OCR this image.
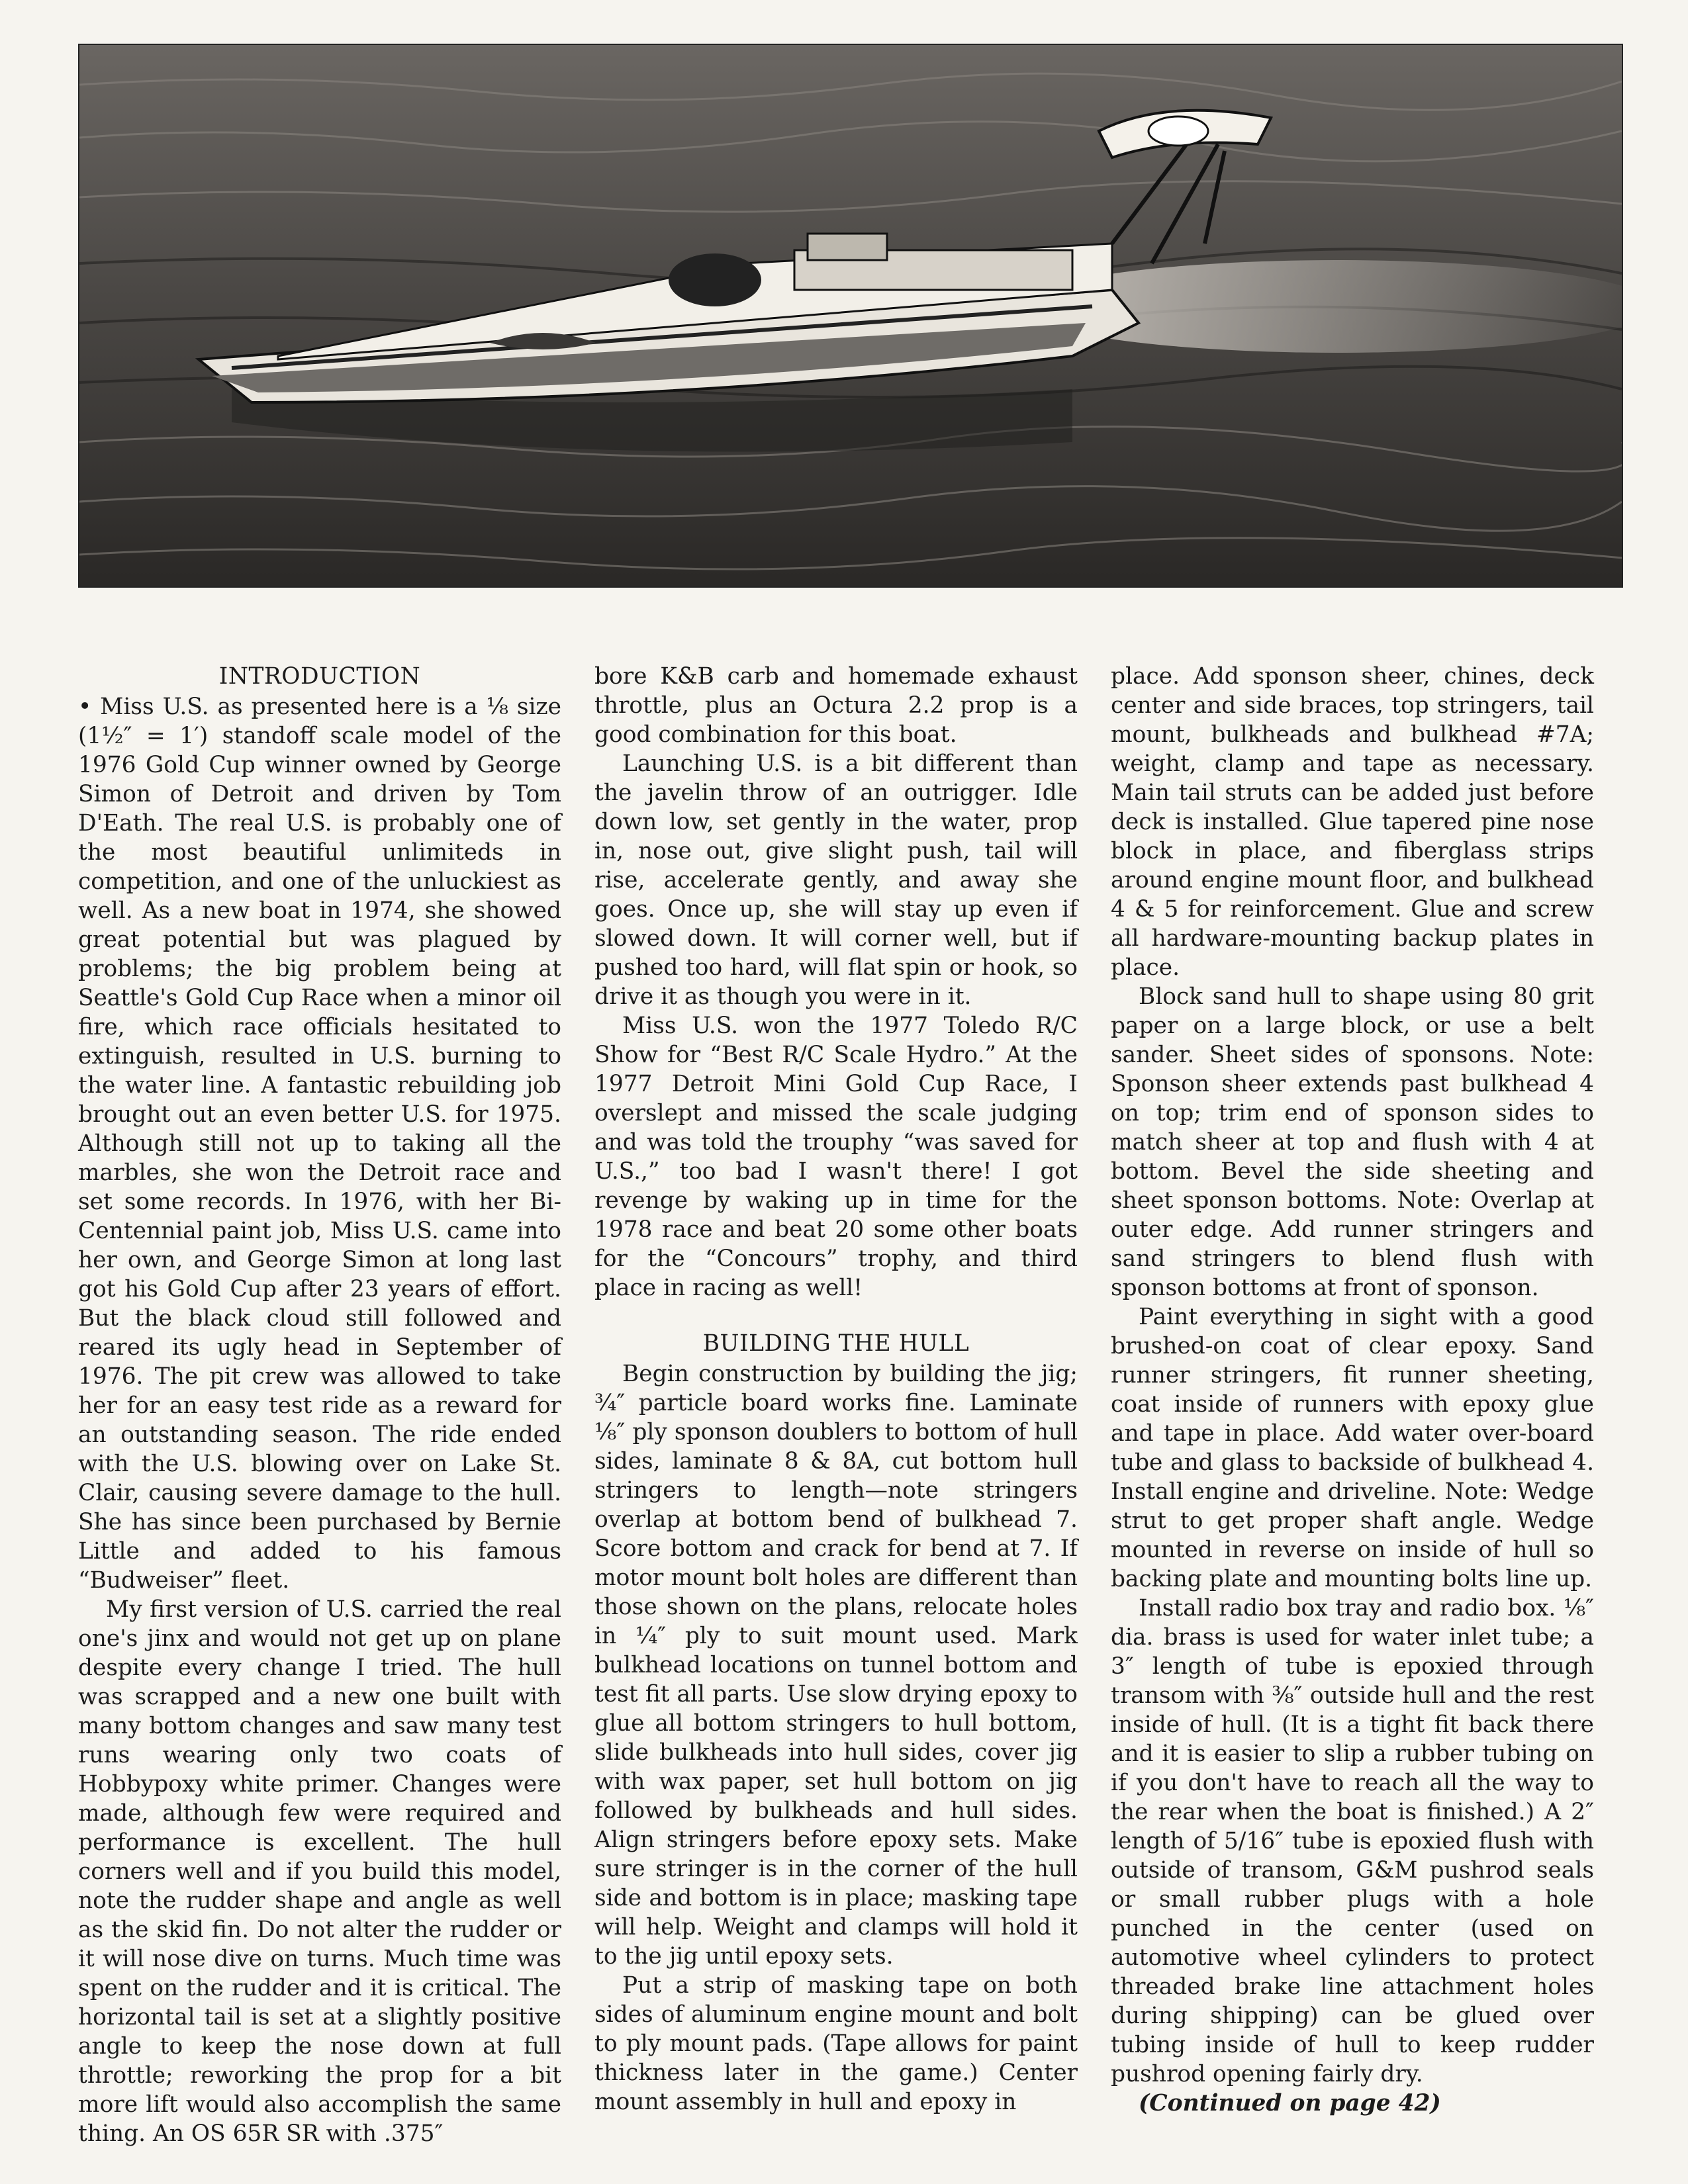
INTRODUCTION

• Miss U.S. as presented here is a ⅛ size (1½″ = 1′) standoff scale model of the 1976 Gold Cup winner owned by George Simon of Detroit and driven by Tom D'Eath. The real U.S. is probably one of the most beautiful unlimiteds in competition, and one of the unluckiest as well. As a new boat in 1974, she showed great potential but was plagued by problems; the big problem being at Seattle's Gold Cup Race when a minor oil fire, which race officials hesitated to extinguish, resulted in U.S. burning to the water line. A fantastic rebuilding job brought out an even better U.S. for 1975. Although still not up to taking all the marbles, she won the Detroit race and set some records. In 1976, with her Bi-Centennial paint job, Miss U.S. came into her own, and George Simon at long last got his Gold Cup after 23 years of effort. But the black cloud still followed and reared its ugly head in September of 1976. The pit crew was allowed to take her for an easy test ride as a reward for an outstanding season. The ride ended with the U.S. blowing over on Lake St. Clair, causing severe damage to the hull. She has since been purchased by Bernie Little and added to his famous “Budweiser” fleet.

My first version of U.S. carried the real one's jinx and would not get up on plane despite every change I tried. The hull was scrapped and a new one built with many bottom changes and saw many test runs wearing only two coats of Hobbypoxy white primer. Changes were made, although few were required and performance is excellent. The hull corners well and if you build this model, note the rudder shape and angle as well as the skid fin. Do not alter the rudder or it will nose dive on turns. Much time was spent on the rudder and it is critical. The horizontal tail is set at a slightly positive angle to keep the nose down at full throttle; reworking the prop for a bit more lift would also accomplish the same thing. An OS 65R SR with .375″

bore K&B carb and homemade exhaust throttle, plus an Octura 2.2 prop is a good combination for this boat.

Launching U.S. is a bit different than the javelin throw of an outrigger. Idle down low, set gently in the water, prop in, nose out, give slight push, tail will rise, accelerate gently, and away she goes. Once up, she will stay up even if slowed down. It will corner well, but if pushed too hard, will flat spin or hook, so drive it as though you were in it.

Miss U.S. won the 1977 Toledo R/C Show for “Best R/C Scale Hydro.” At the 1977 Detroit Mini Gold Cup Race, I overslept and missed the scale judging and was told the trouphy “was saved for U.S.,” too bad I wasn't there! I got revenge by waking up in time for the 1978 race and beat 20 some other boats for the “Concours” trophy, and third place in racing as well!

BUILDING THE HULL

Begin construction by building the jig; ¾″ particle board works fine. Laminate ⅛″ ply sponson doublers to bottom of hull sides, laminate 8 & 8A, cut bottom hull stringers to length—note stringers overlap at bottom bend of bulkhead 7. Score bottom and crack for bend at 7. If motor mount bolt holes are different than those shown on the plans, relocate holes in ¼″ ply to suit mount used. Mark bulkhead locations on tunnel bottom and test fit all parts. Use slow drying epoxy to glue all bottom stringers to hull bottom, slide bulkheads into hull sides, cover jig with wax paper, set hull bottom on jig followed by bulkheads and hull sides. Align stringers before epoxy sets. Make sure stringer is in the corner of the hull side and bottom is in place; masking tape will help. Weight and clamps will hold it to the jig until epoxy sets.

Put a strip of masking tape on both sides of aluminum engine mount and bolt to ply mount pads. (Tape allows for paint thickness later in the game.) Center mount assembly in hull and epoxy in

place. Add sponson sheer, chines, deck center and side braces, top stringers, tail mount, bulkheads and bulkhead #7A; weight, clamp and tape as necessary. Main tail struts can be added just before deck is installed. Glue tapered pine nose block in place, and fiberglass strips around engine mount floor, and bulkhead 4 & 5 for reinforcement. Glue and screw all hardware-mounting backup plates in place.

Block sand hull to shape using 80 grit paper on a large block, or use a belt sander. Sheet sides of sponsons. Note: Sponson sheer extends past bulkhead 4 on top; trim end of sponson sides to match sheer at top and flush with 4 at bottom. Bevel the side sheeting and sheet sponson bottoms. Note: Overlap at outer edge. Add runner stringers and sand stringers to blend flush with sponson bottoms at front of sponson.

Paint everything in sight with a good brushed-on coat of clear epoxy. Sand runner stringers, fit runner sheeting, coat inside of runners with epoxy glue and tape in place. Add water over-board tube and glass to backside of bulkhead 4. Install engine and driveline. Note: Wedge strut to get proper shaft angle. Wedge mounted in reverse on inside of hull so backing plate and mounting bolts line up.

Install radio box tray and radio box. ⅛″ dia. brass is used for water inlet tube; a 3″ length of tube is epoxied through transom with ⅜″ outside hull and the rest inside of hull. (It is a tight fit back there and it is easier to slip a rubber tubing on if you don't have to reach all the way to the rear when the boat is finished.) A 2″ length of 5/16″ tube is epoxied flush with outside of transom, G&M pushrod seals or small rubber plugs with a hole punched in the center (used on automotive wheel cylinders to protect threaded brake line attachment holes during shipping) can be glued over tubing inside of hull to keep rudder pushrod opening fairly dry.

(Continued on page 42)
